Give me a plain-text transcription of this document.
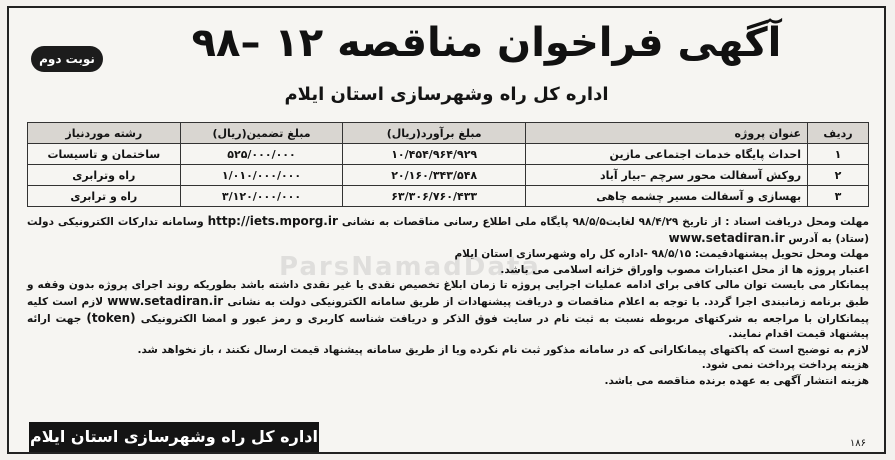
آگهی فراخوان مناقصه ۱۲ –۹۸
اداره کل راه وشهرسازی استان ایلام
نوبت دوم
ردیف	عنوان پروژه	مبلغ برآورد(ریال)	مبلغ تضمین(ریال)	رشته موردنیاز
۱	احداث پایگاه خدمات اجتماعی مازین	۱۰/۴۵۴/۹۶۴/۹۲۹	۵۲۵/۰۰۰/۰۰۰	ساختمان و تاسیسات
۲	روکش آسفالت محور سرچم –بیار آباد	۲۰/۱۶۰/۳۴۳/۵۴۸	۱/۰۱۰/۰۰۰/۰۰۰	راه وترابری
۳	بهسازی و آسفالت مسیر چشمه چاهی	۶۳/۳۰۶/۷۶۰/۴۳۳	۳/۱۲۰/۰۰۰/۰۰۰	راه و ترابری
ParsNamadData

مهلت ومحل دریافت اسناد : از تاریخ ۹۸/۴/۲۹ لغایت۹۸/۵/۵ پایگاه ملی اطلاع رسانی مناقصات به نشانی http://iets.mporg.ir وسامانه تدارکات الکترونیکی دولت (ستاد) به آدرس www.setadiran.ir

مهلت ومحل تحویل پیشنهادقیمت: ۹۸/۵/۱۵ -اداره کل راه وشهرسازی استان ایلام

اعتبار پروژه ها از محل اعتبارات مصوب واوراق خزانه اسلامی می باشد.

پیمانکار می بایست توان مالی کافی برای ادامه عملیات اجرایی پروژه تا زمان ابلاغ تخصیص نقدی یا غیر نقدی داشته باشد بطوریکه روند اجرای پروژه بدون وقفه و طبق برنامه زمانبندی اجرا گردد. با توجه به اعلام مناقصات و دریافت پیشنهادات از طریق سامانه الکترونیکی دولت به نشانی www.setadiran.ir لازم است کلیه پیمانکاران با مراجعه به شرکتهای مربوطه نسبت به ثبت نام در سایت فوق الذکر و دریافت شناسه کاربری و رمز عبور و امضا الکترونیکی (token) جهت ارائه پیشنهاد قیمت اقدام نمایند.

لازم به توضیح است که پاکتهای پیمانکارانی که در سامانه مذکور ثبت نام نکرده ویا از طریق سامانه پیشنهاد قیمت ارسال نکنند ، باز نخواهد شد.

هزینه پرداخت پرداخت نمی شود.

هزینه انتشار آگهی به عهده برنده مناقصه می باشد.

اداره کل راه وشهرسازی استان ایلام	۱۸۶
